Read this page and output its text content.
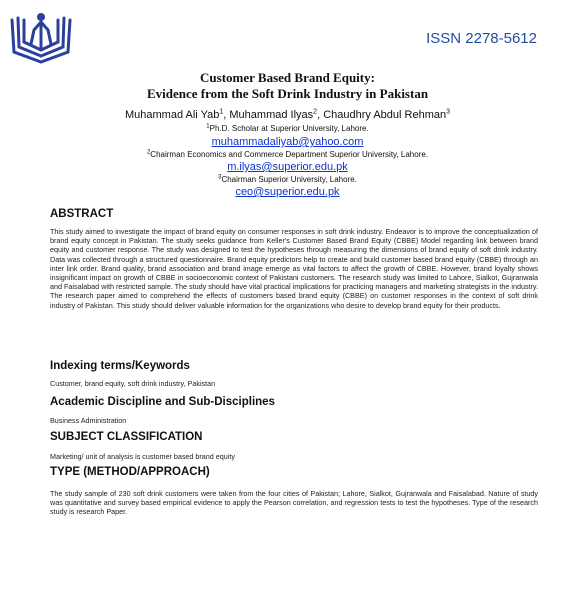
ISSN 2278-5612
Customer Based Brand Equity:
Evidence from the Soft Drink Industry in Pakistan
Muhammad Ali Yab$^1$, Muhammad Ilyas$^2$, Chaudhry Abdul Rehman$^3$
$^1$Ph.D. Scholar at Superior University, Lahore.
muhammadaliyab@yahoo.com
$^2$Chairman Economics and Commerce Department Superior University, Lahore.
m.ilyas@superior.edu.pk
$^3$Chairman Superior University, Lahore.
ceo@superior.edu.pk
ABSTRACT
This study aimed to investigate the impact of brand equity on consumer responses in soft drink industry. Endeavor is to improve the conceptualization of brand equity concept in Pakistan. The study seeks guidance from Keller's Customer Based Brand Equity (CBBE) Model regarding link between brand equity and customer response. The study was designed to test the hypotheses through measuring the dimensions of brand equity of soft drink industry. Data was collected through a structured questionnaire. Brand equity predictors help to create and build customer based brand equity (CBBE) through an inter link order. Brand quality, brand association and brand image emerge as vital factors to affect the growth of CBBE. However, brand loyalty shows insignificant impact on growth of CBBE in socioeconomic context of Pakistani customers. The research study was limited to Lahore, Sialkot, Gujranwala and Faisalabad with restricted sample. The study should have vital practical implications for practicing managers and marketing strategists in the industry. The research paper aimed to comprehend the effects of customers based brand equity (CBBE) on customer responses in the context of soft drink industry of Pakistan. This study should deliver valuable information for the organizations who desire to develop brand equity for their products.
Indexing terms/Keywords
Customer, brand equity, soft drink industry, Pakistan
Academic Discipline and Sub-Disciplines
Business Administration
SUBJECT CLASSIFICATION
Marketing/ unit of analysis is customer based brand equity
TYPE (METHOD/APPROACH)
The study sample of 230 soft drink customers were taken from the four cities of Pakistan; Lahore, Sialkot, Gujranwala and Faisalabad. Nature of study was quantitative and survey based empirical evidence to apply the Pearson correlation, and regression tests to test the hypotheses. Type of the research study is research Paper.
